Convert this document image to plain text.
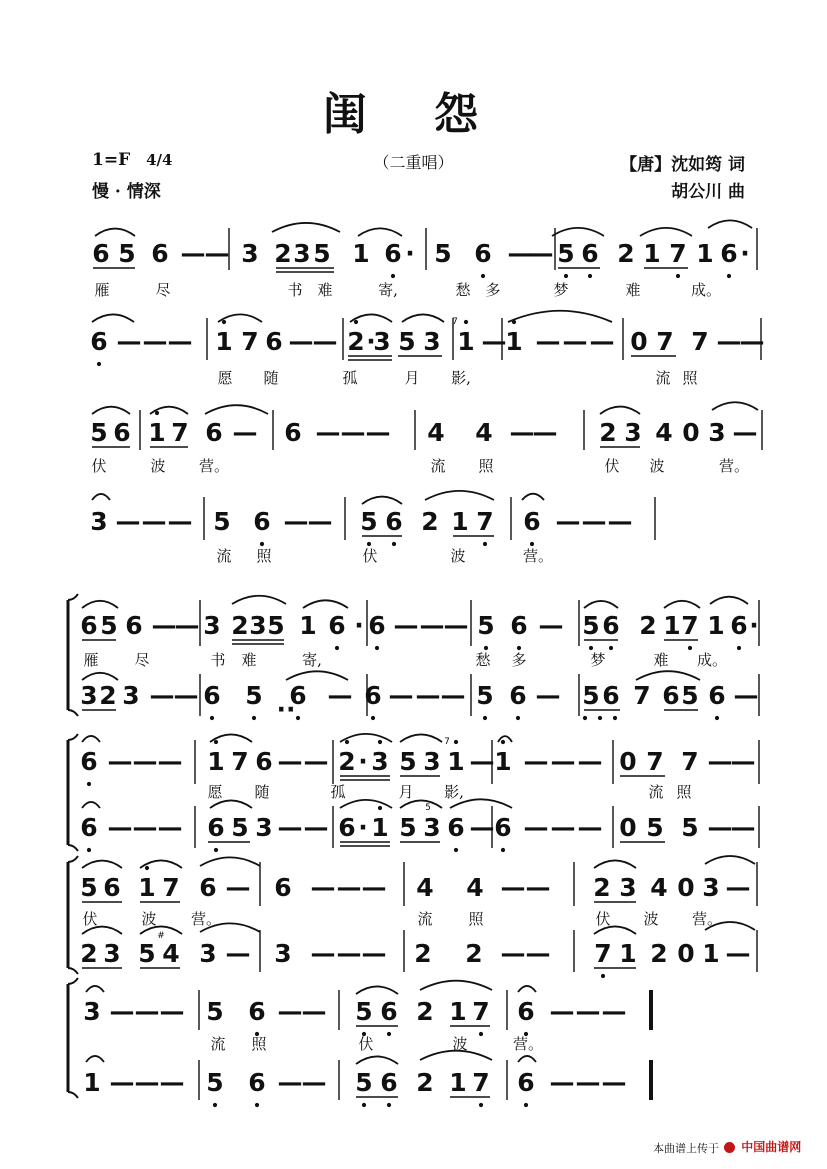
闺 怨
1=F 4/4
慢 · 情深
（二重唱）	【唐】沈如筠 词
胡公川 曲
6 5 6	3 2 3 5 1 6 5 6	5 6 2 1 7 1 6
— —	—
—
·	·
雁	尽	书 难	寄,	愁 多	梦	难	成。
6	1 7 6	2 3 5 3 1 1	0 7 7
— — —	— —	— — — —	—
—
·
7
愿 随	孤	月 影,	流 照
5 6 1 7 6 6	4 4	2 3 4 0 3
— — — —	—
—	—
伏	波 营。	流 照	伏 波	营。
3	5 6	5 6 2 1 7 6
— — —	— —	— — —
流 照	伏	波	营。
6 5 6 3 2 3 5 1 6 6	5 6 5 6 2 1 7 1 6
—
—	— — —	—
·	·
雁 尽	书 难	寄,	愁 多	梦	难 成。
3 2 3	6 5 6 6	5 6 5 6 7 6 5 6
— —	— — — —	—	—
··
6	1 7 6	2 3 5 3 1 1	0 7 7
— — —	— —	— — — —	—
—
·
7
愿 随	孤	月 影,	流 照
6	6 5 3	6 1 5 3 6 6	0 5 5
— — —	— —	— — — —	—
—
·
5
5 6 1 7 6 6	4 4	2 3 4 0 3
— — — —	— —	—
伏	波 营。	流 照	伏 波 营。
2 3 5 4 3 3	2 2	7 1 2 0 1
— — — —	— —	—
#
3	5 6	5 6 2 1 7 6
— — —	— —	— — —
流 照	伏	波	营。
1	5 6	5 6 2 1 7 6
— — —	— —	— — —
本曲谱上传于	中国曲谱网
